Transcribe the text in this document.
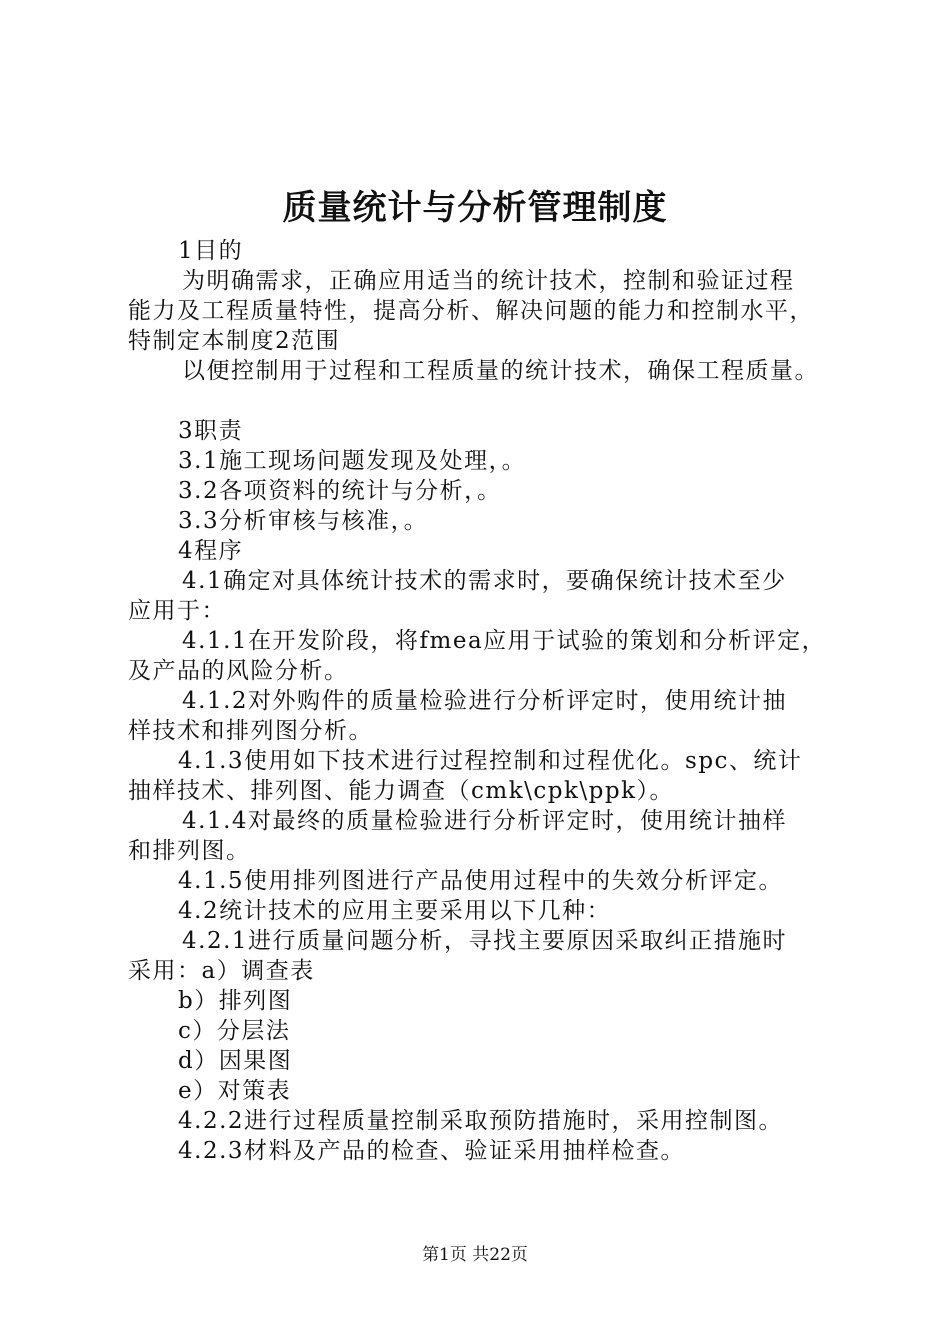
质量统计与分析管理制度
1目的
为明确需求，正确应用适当的统计技术，控制和验证过程
能力及工程质量特性，提高分析、解决问题的能力和控制水平，
特制定本制度2范围
以便控制用于过程和工程质量的统计技术，确保工程质量。
3职责
3.1施工现场问题发现及处理，。
3.2各项资料的统计与分析，。
3.3分析审核与核准，。
4程序
4.1确定对具体统计技术的需求时，要确保统计技术至少
应用于：
4.1.1在开发阶段，将fmea应用于试验的策划和分析评定，
及产品的风险分析。
4.1.2对外购件的质量检验进行分析评定时，使用统计抽
样技术和排列图分析。
4.1.3使用如下技术进行过程控制和过程优化。spc、统计
抽样技术、排列图、能力调查（cmk\cpk\ppk）。
4.1.4对最终的质量检验进行分析评定时，使用统计抽样
和排列图。
4.1.5使用排列图进行产品使用过程中的失效分析评定。
4.2统计技术的应用主要采用以下几种：
4.2.1进行质量问题分析，寻找主要原因采取纠正措施时
采用：a）调查表
b）排列图
c）分层法
d）因果图
e）对策表
4.2.2进行过程质量控制采取预防措施时，采用控制图。
4.2.3材料及产品的检查、验证采用抽样检查。
第1页 共22页
